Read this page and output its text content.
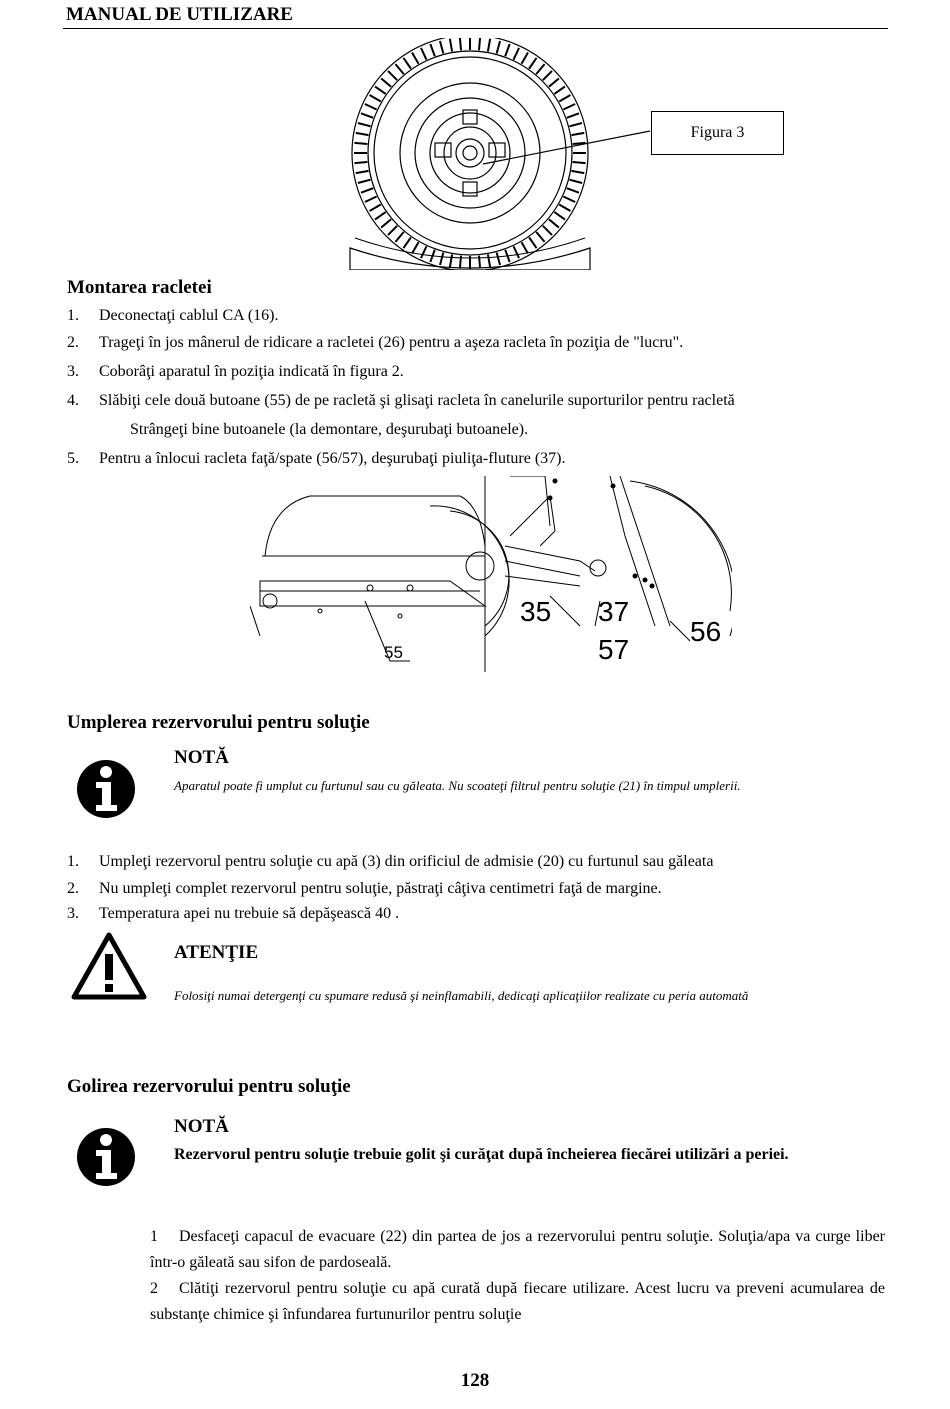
MANUAL DE UTILIZARE
Figura 3
Montarea racletei
1. Deconectaţi cablul CA (16).
2. Trageţi în jos mânerul de ridicare a racletei (26) pentru a aşeza racleta în poziţia de "lucru".
3. Coborâţi aparatul în poziţia indicată în figura 2.
4. Slăbiţi cele două butoane (55) de pe racletă şi glisaţi racleta în canelurile suporturilor pentru racletă
Strângeţi bine butoanele (la demontare, deşurubaţi butoanele).
5. Pentru a înlocui racleta faţă/spate (56/57), deşurubaţi piuliţa-fluture (37).
35 37
57
56
55
Umplerea rezervorului pentru soluţie
NOTĂ
Aparatul poate fi umplut cu furtunul sau cu găleata. Nu scoateţi filtrul pentru soluţie (21) în timpul umplerii.
1. Umpleţi rezervorul pentru soluţie cu apă (3) din orificiul de admisie (20) cu furtunul sau găleata
2. Nu umpleţi complet rezervorul pentru soluţie, păstraţi câţiva centimetri faţă de margine.
3. Temperatura apei nu trebuie să depăşească 40 .
ATENŢIE
Folosiţi numai detergenţi cu spumare redusă şi neinflamabili, dedicaţi aplicaţiilor realizate cu peria automată
Golirea rezervorului pentru soluţie
NOTĂ
Rezervorul pentru soluţie trebuie golit şi curăţat după încheierea fiecărei utilizări a periei.
1 Desfaceţi capacul de evacuare (22) din partea de jos a rezervorului pentru soluţie. Soluţia/apa va curge liber într-o găleată sau sifon de pardoseală.
2 Clătiţi rezervorul pentru soluţie cu apă curată după fiecare utilizare. Acest lucru va preveni acumularea de substanţe chimice şi înfundarea furtunurilor pentru soluţie
128
